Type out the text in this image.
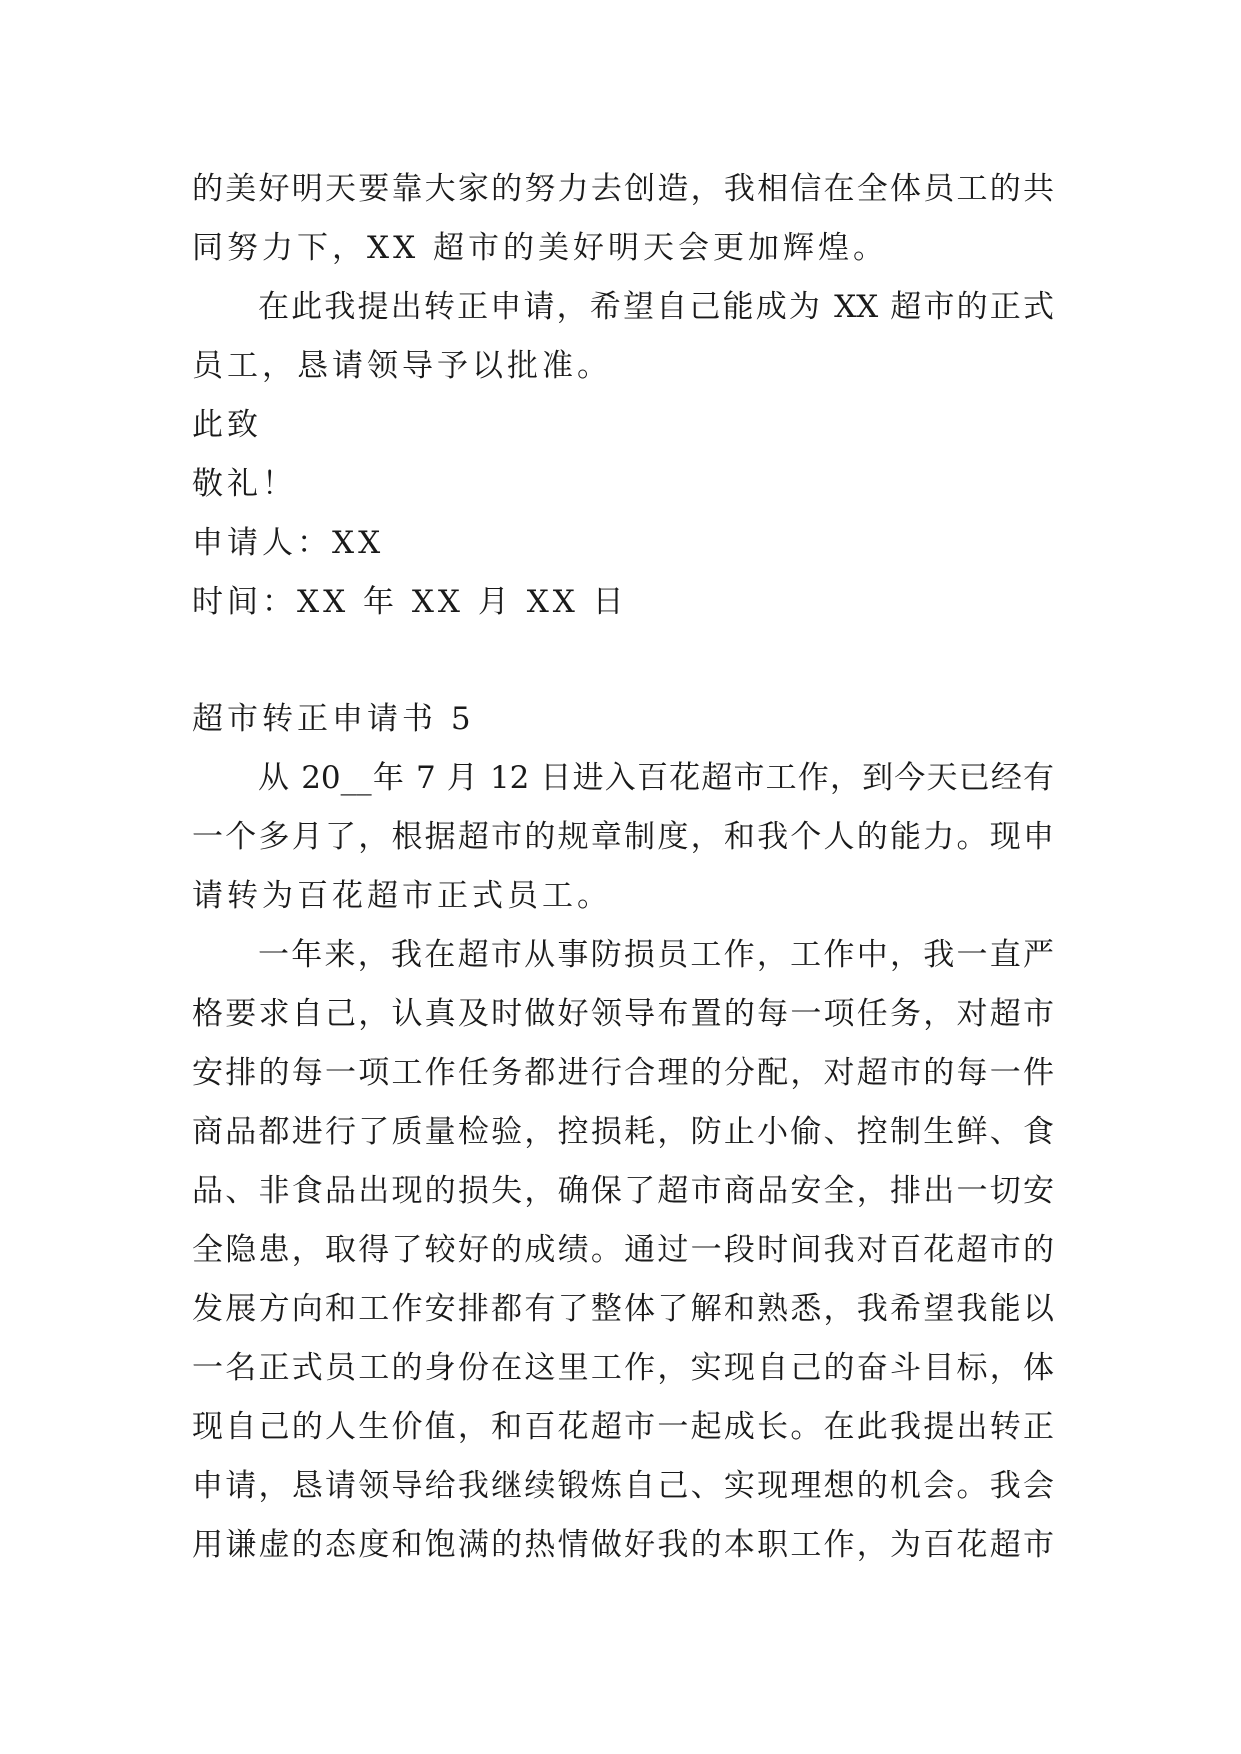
的美好明天要靠大家的努力去创造，我相信在全体员工的共
同努力下，XX 超市的美好明天会更加辉煌。
在此我提出转正申请，希望自己能成为 XX 超市的正式
员工，恳请领导予以批准。
此致
敬礼！
申请人：XX
时间：XX 年 XX 月 XX 日
超市转正申请书 5
从 20__年 7 月 12 日进入百花超市工作，到今天已经有
一个多月了，根据超市的规章制度，和我个人的能力。现申
请转为百花超市正式员工。
一年来，我在超市从事防损员工作，工作中，我一直严
格要求自己，认真及时做好领导布置的每一项任务，对超市
安排的每一项工作任务都进行合理的分配，对超市的每一件
商品都进行了质量检验，控损耗，防止小偷、控制生鲜、食
品、非食品出现的损失，确保了超市商品安全，排出一切安
全隐患，取得了较好的成绩。通过一段时间我对百花超市的
发展方向和工作安排都有了整体了解和熟悉，我希望我能以
一名正式员工的身份在这里工作，实现自己的奋斗目标，体
现自己的人生价值，和百花超市一起成长。在此我提出转正
申请，恳请领导给我继续锻炼自己、实现理想的机会。我会
用谦虚的态度和饱满的热情做好我的本职工作，为百花超市
